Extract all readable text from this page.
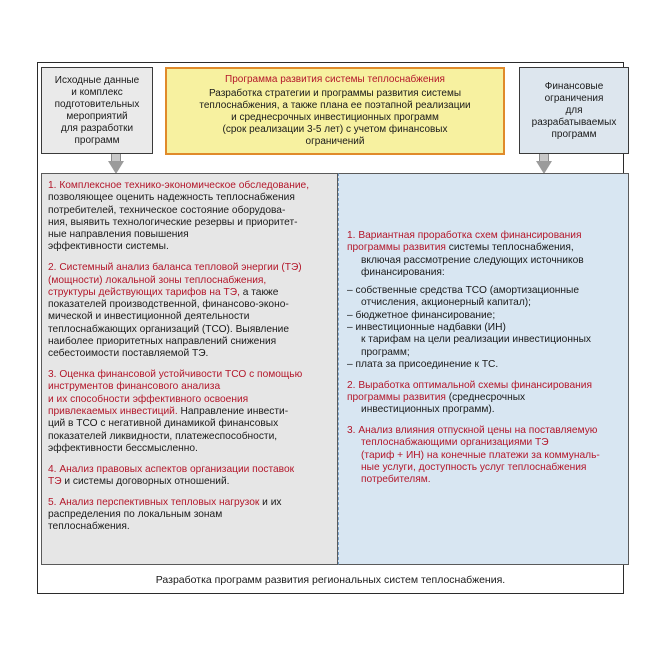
Исходные данные
и комплекс
подготовительных
мероприятий
для разработки
программ
Программа развития системы теплоснабжения
Разработка стратегии и программы развития системы
теплоснабжения, а также плана ее поэтапной реализации
и среднесрочных инвестиционных программ
(срок реализации 3-5 лет) с учетом финансовых
ограничений
Финансовые
ограничения
для
разрабатываемых
программ
1. Комплексное технико-экономическое обследование,
позволяющее оценить надежность теплоснабжения
потребителей, техническое состояние оборудова-
ния, выявить технологические резервы и приоритет-
ные направления повышения
эффективности системы.
2. Системный анализ баланса тепловой энергии (ТЭ)
(мощности) локальной зоны теплоснабжения,
структуры действующих тарифов на ТЭ, а также
показателей производственной, финансово-эконо-
мической и инвестиционной деятельности
теплоснабжающих организаций (ТСО). Выявление
наиболее приоритетных направлений снижения
себестоимости поставляемой ТЭ.
3. Оценка финансовой устойчивости ТСО с помощью
инструментов финансового анализа
и их способности эффективного освоения
привлекаемых инвестиций. Направление инвести-
ций в ТСО с негативной динамикой финансовых
показателей ликвидности, платежеспособности,
эффективности бессмысленно.
4. Анализ правовых аспектов организации поставок
ТЭ и системы договорных отношений.
5. Анализ перспективных тепловых нагрузок и их
распределения по локальным зонам
теплоснабжения.
1. Вариантная проработка схем финансирования
программы развития системы теплоснабжения,
включая рассмотрение следующих источников
финансирования:
– собственные средства ТСО (амортизационные
отчисления, акционерный капитал);
– бюджетное финансирование;
– инвестиционные надбавки (ИН)
к тарифам на цели реализации инвестиционных
программ;
– плата за присоединение к ТС.
2. Выработка оптимальной схемы финансирования
программы развития (среднесрочных
инвестиционных программ).
3. Анализ влияния отпускной цены на поставляемую
теплоснабжающими организациями ТЭ
(тариф + ИН) на конечные платежи за коммуналь-
ные услуги, доступность услуг теплоснабжения
потребителям.
Разработка программ развития региональных систем теплоснабжения.
